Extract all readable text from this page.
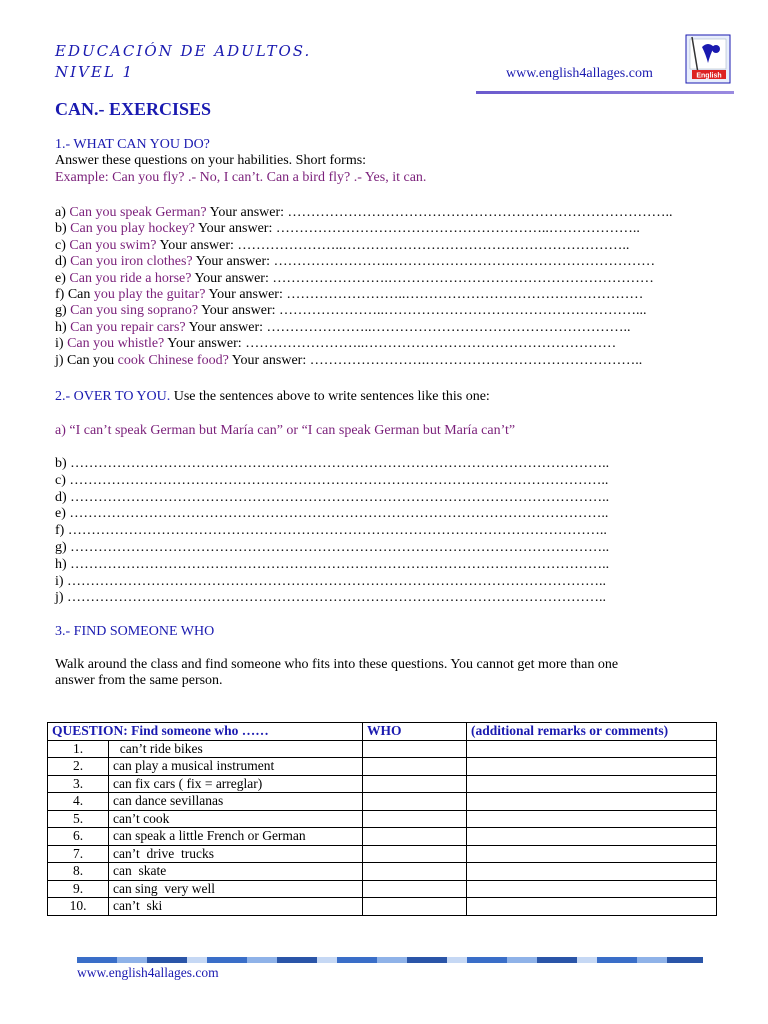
EDUCACIÓN DE ADULTOS.
NIVEL 1	www.english4allages.com	English
CAN.- EXERCISES
1.- WHAT CAN YOU DO?
Answer these questions on your habilities. Short forms:
Example: Can you fly? .- No, I can’t. Can a bird fly? .- Yes, it can.
a) Can you speak German? Your answer: ………………………………………………………………………..
b) Can you play hockey? Your answer: …………………………………………………..………………..
c) Can you swim? Your answer: …………………..……………………………………………………..
d) Can you iron clothes? Your answer: …………………….…………………………………………………
e) Can you ride a horse? Your answer: …………………….…………………………………………………
f) Can you play the guitar? Your answer: ……………………..……………………………………………
g) Can you sing soprano? Your answer: …………………..………………………………………………...
h) Can you repair cars? Your answer: …………………..………………………………………………..
i) Can you whistle? Your answer: ……………………..………………………………………………
j) Can you cook Chinese food? Your answer: …………………….………………………………………..
2.- OVER TO YOU. Use the sentences above to write sentences like this one:
a) “I can’t speak German but María can” or “I can speak German but María can’t”
b) ……………………………………………………………………………………………………..
c) ……………………………………………………………………………………………………..
d) ……………………………………………………………………………………………………..
e) ……………………………………………………………………………………………………..
f) ……………………………………………………………………………………………………..
g) ……………………………………………………………………………………………………..
h) ……………………………………………………………………………………………………..
i) ……………………………………………………………………………………………………..
j) ……………………………………………………………………………………………………..
3.- FIND SOMEONE WHO
Walk around the class and find someone who fits into these questions. You cannot get more than one
answer from the same person.
QUESTION: Find someone who ……		WHO	(additional remarks or comments)
1.	can’t ride bikes		
2.	can play a musical instrument		
3.	can fix cars ( fix = arreglar)		
4.	can dance sevillanas		
5.	can’t cook		
6.	can speak a little French or German		
7.	can’t  drive  trucks		
8.	can  skate		
9.	can sing  very well		
10.	can’t  ski		
www.english4allages.com
